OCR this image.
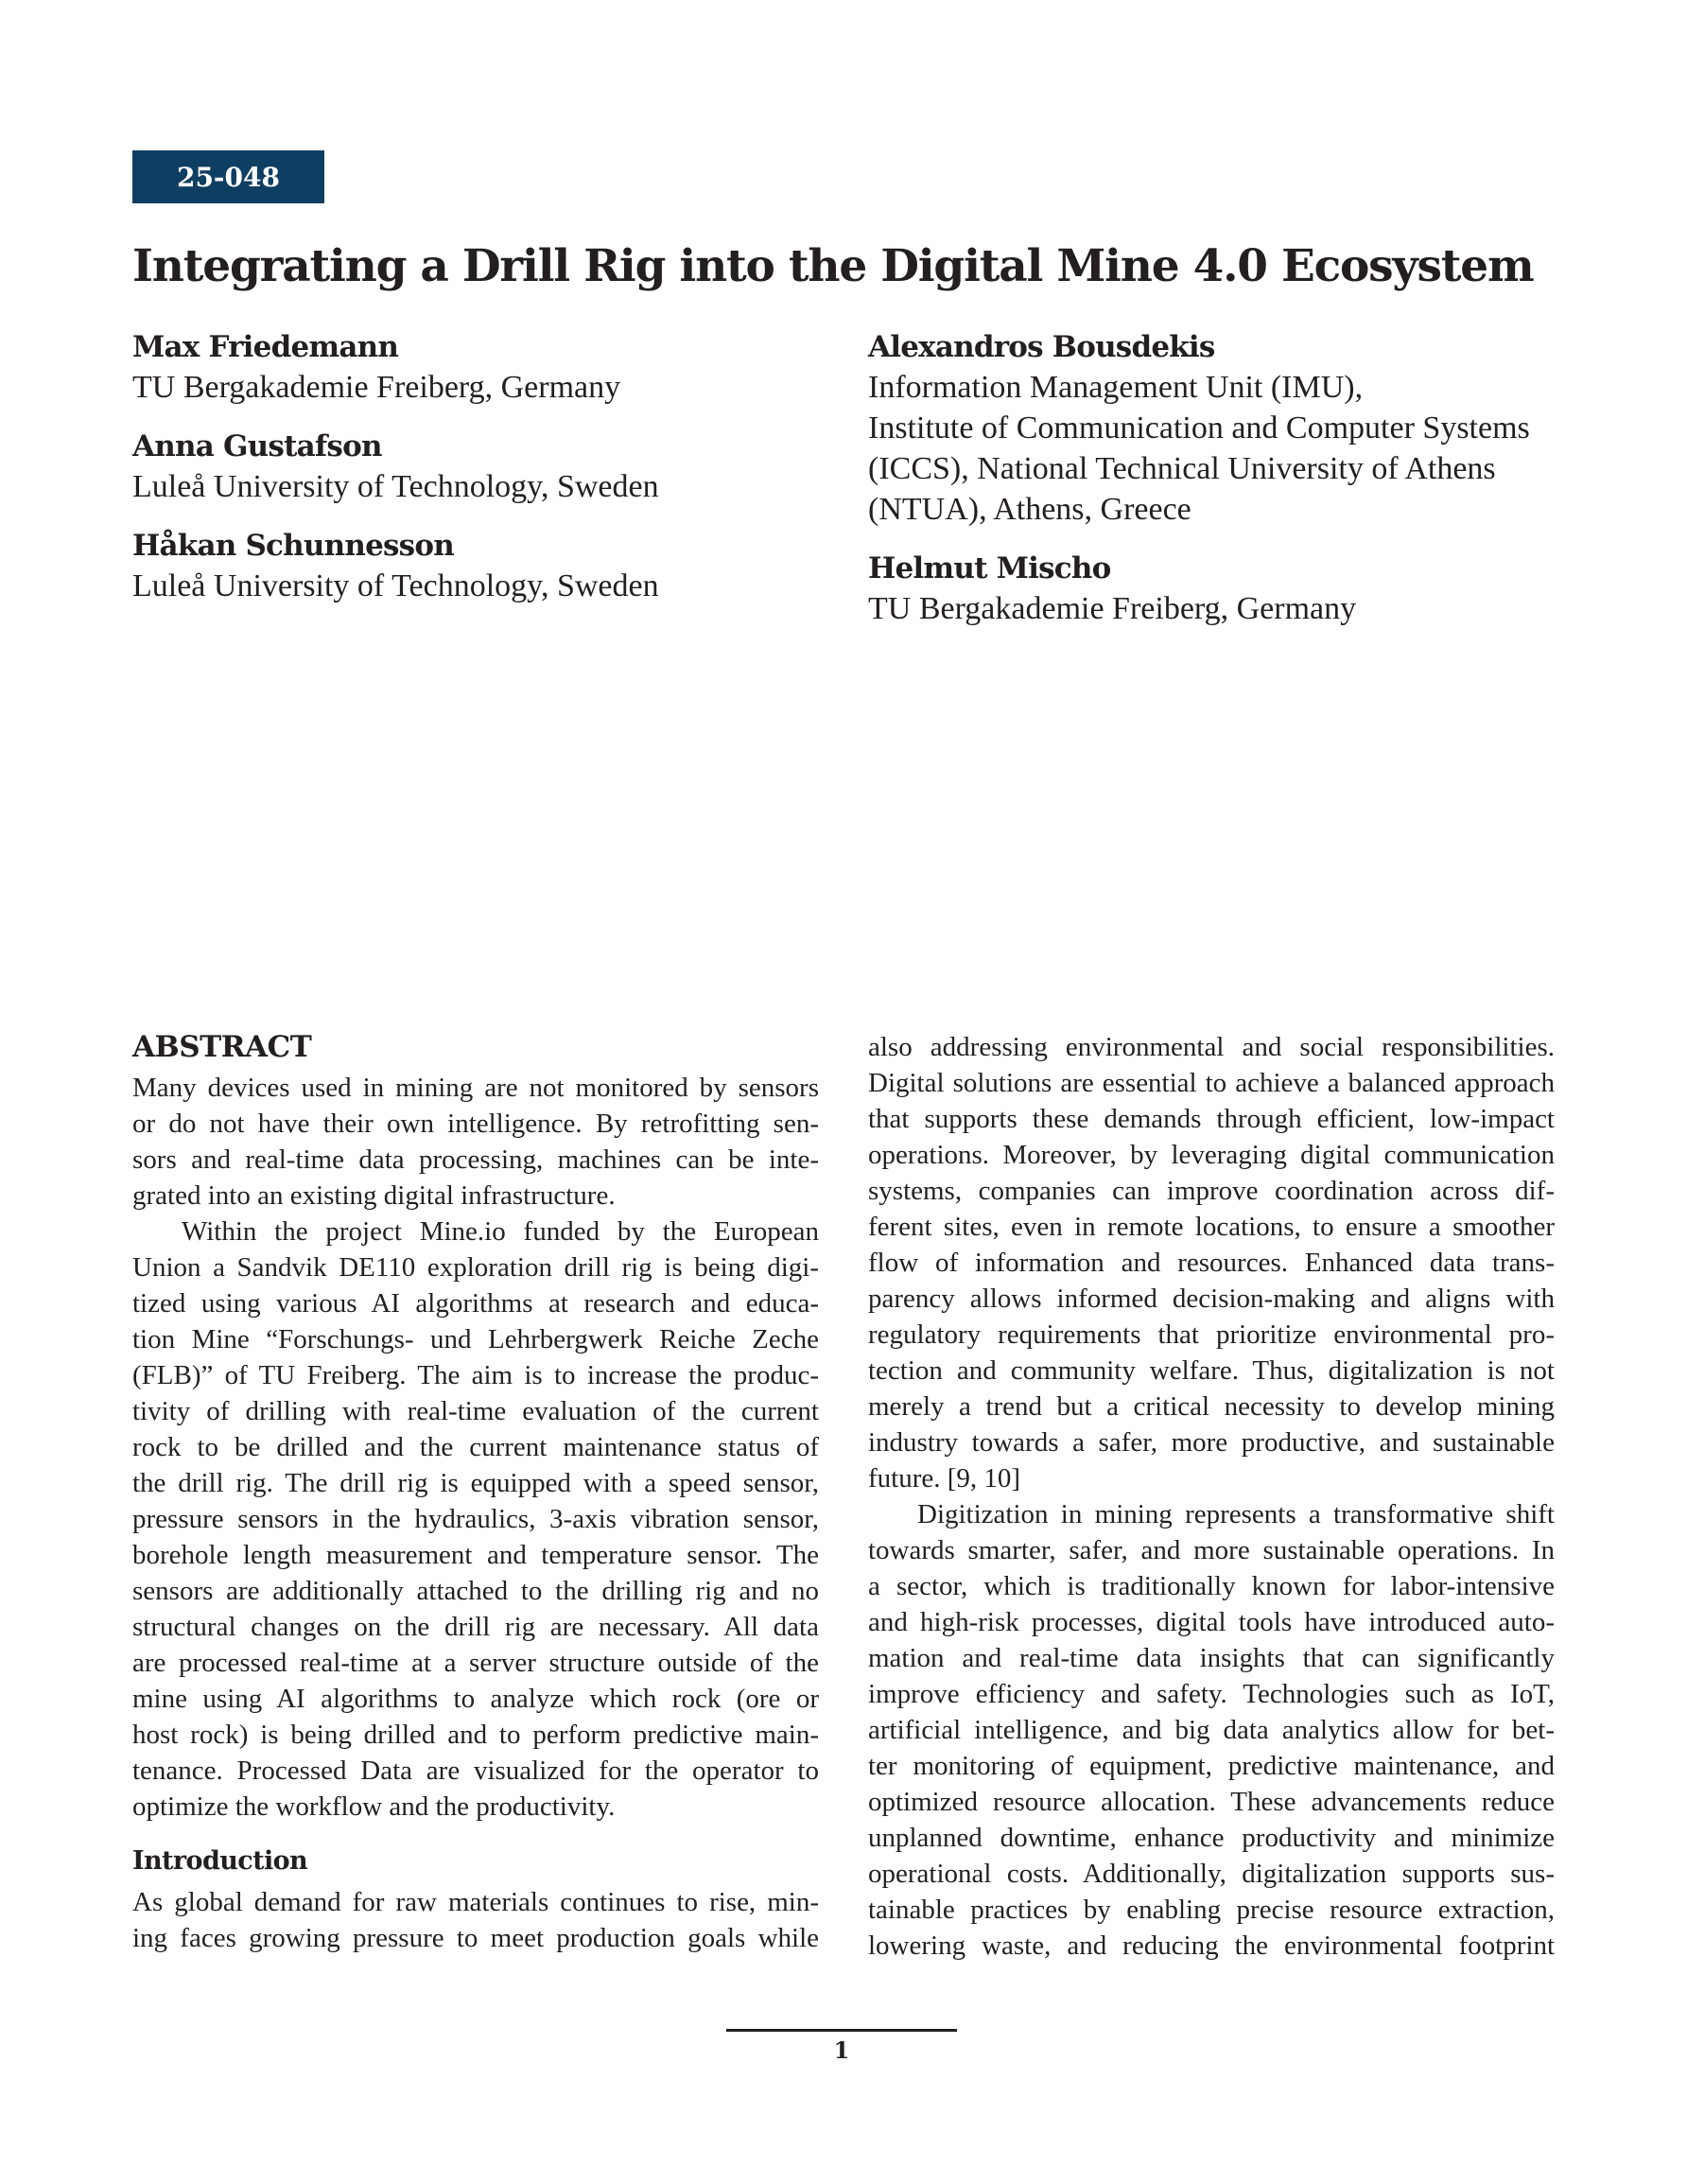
25-048
Integrating a Drill Rig into the Digital Mine 4.0 Ecosystem
Max Friedemann
TU Bergakademie Freiberg, Germany
Anna Gustafson
Luleå University of Technology, Sweden
Håkan Schunnesson
Luleå University of Technology, Sweden
Alexandros Bousdekis
Information Management Unit (IMU),
Institute of Communication and Computer Systems
(ICCS), National Technical University of Athens
(NTUA), Athens, Greece
Helmut Mischo
TU Bergakademie Freiberg, Germany
ABSTRACT
Many devices used in mining are not monitored by sensors
or do not have their own intelligence. By retrofitting sen-
sors and real-time data processing, machines can be inte-
grated into an existing digital infrastructure.
Within the project Mine.io funded by the European
Union a Sandvik DE110 exploration drill rig is being digi-
tized using various AI algorithms at research and educa-
tion Mine “Forschungs- und Lehrbergwerk Reiche Zeche
(FLB)” of TU Freiberg. The aim is to increase the produc-
tivity of drilling with real-time evaluation of the current
rock to be drilled and the current maintenance status of
the drill rig. The drill rig is equipped with a speed sensor,
pressure sensors in the hydraulics, 3-axis vibration sensor,
borehole length measurement and temperature sensor. The
sensors are additionally attached to the drilling rig and no
structural changes on the drill rig are necessary. All data
are processed real-time at a server structure outside of the
mine using AI algorithms to analyze which rock (ore or
host rock) is being drilled and to perform predictive main-
tenance. Processed Data are visualized for the operator to
optimize the workflow and the productivity.
Introduction
As global demand for raw materials continues to rise, min-
ing faces growing pressure to meet production goals while
also addressing environmental and social responsibilities.
Digital solutions are essential to achieve a balanced approach
that supports these demands through efficient, low-impact
operations. Moreover, by leveraging digital communication
systems, companies can improve coordination across dif-
ferent sites, even in remote locations, to ensure a smoother
flow of information and resources. Enhanced data trans-
parency allows informed decision-making and aligns with
regulatory requirements that prioritize environmental pro-
tection and community welfare. Thus, digitalization is not
merely a trend but a critical necessity to develop mining
industry towards a safer, more productive, and sustainable
future. [9, 10]
Digitization in mining represents a transformative shift
towards smarter, safer, and more sustainable operations. In
a sector, which is traditionally known for labor-intensive
and high-risk processes, digital tools have introduced auto-
mation and real-time data insights that can significantly
improve efficiency and safety. Technologies such as IoT,
artificial intelligence, and big data analytics allow for bet-
ter monitoring of equipment, predictive maintenance, and
optimized resource allocation. These advancements reduce
unplanned downtime, enhance productivity and minimize
operational costs. Additionally, digitalization supports sus-
tainable practices by enabling precise resource extraction,
lowering waste, and reducing the environmental footprint
1
